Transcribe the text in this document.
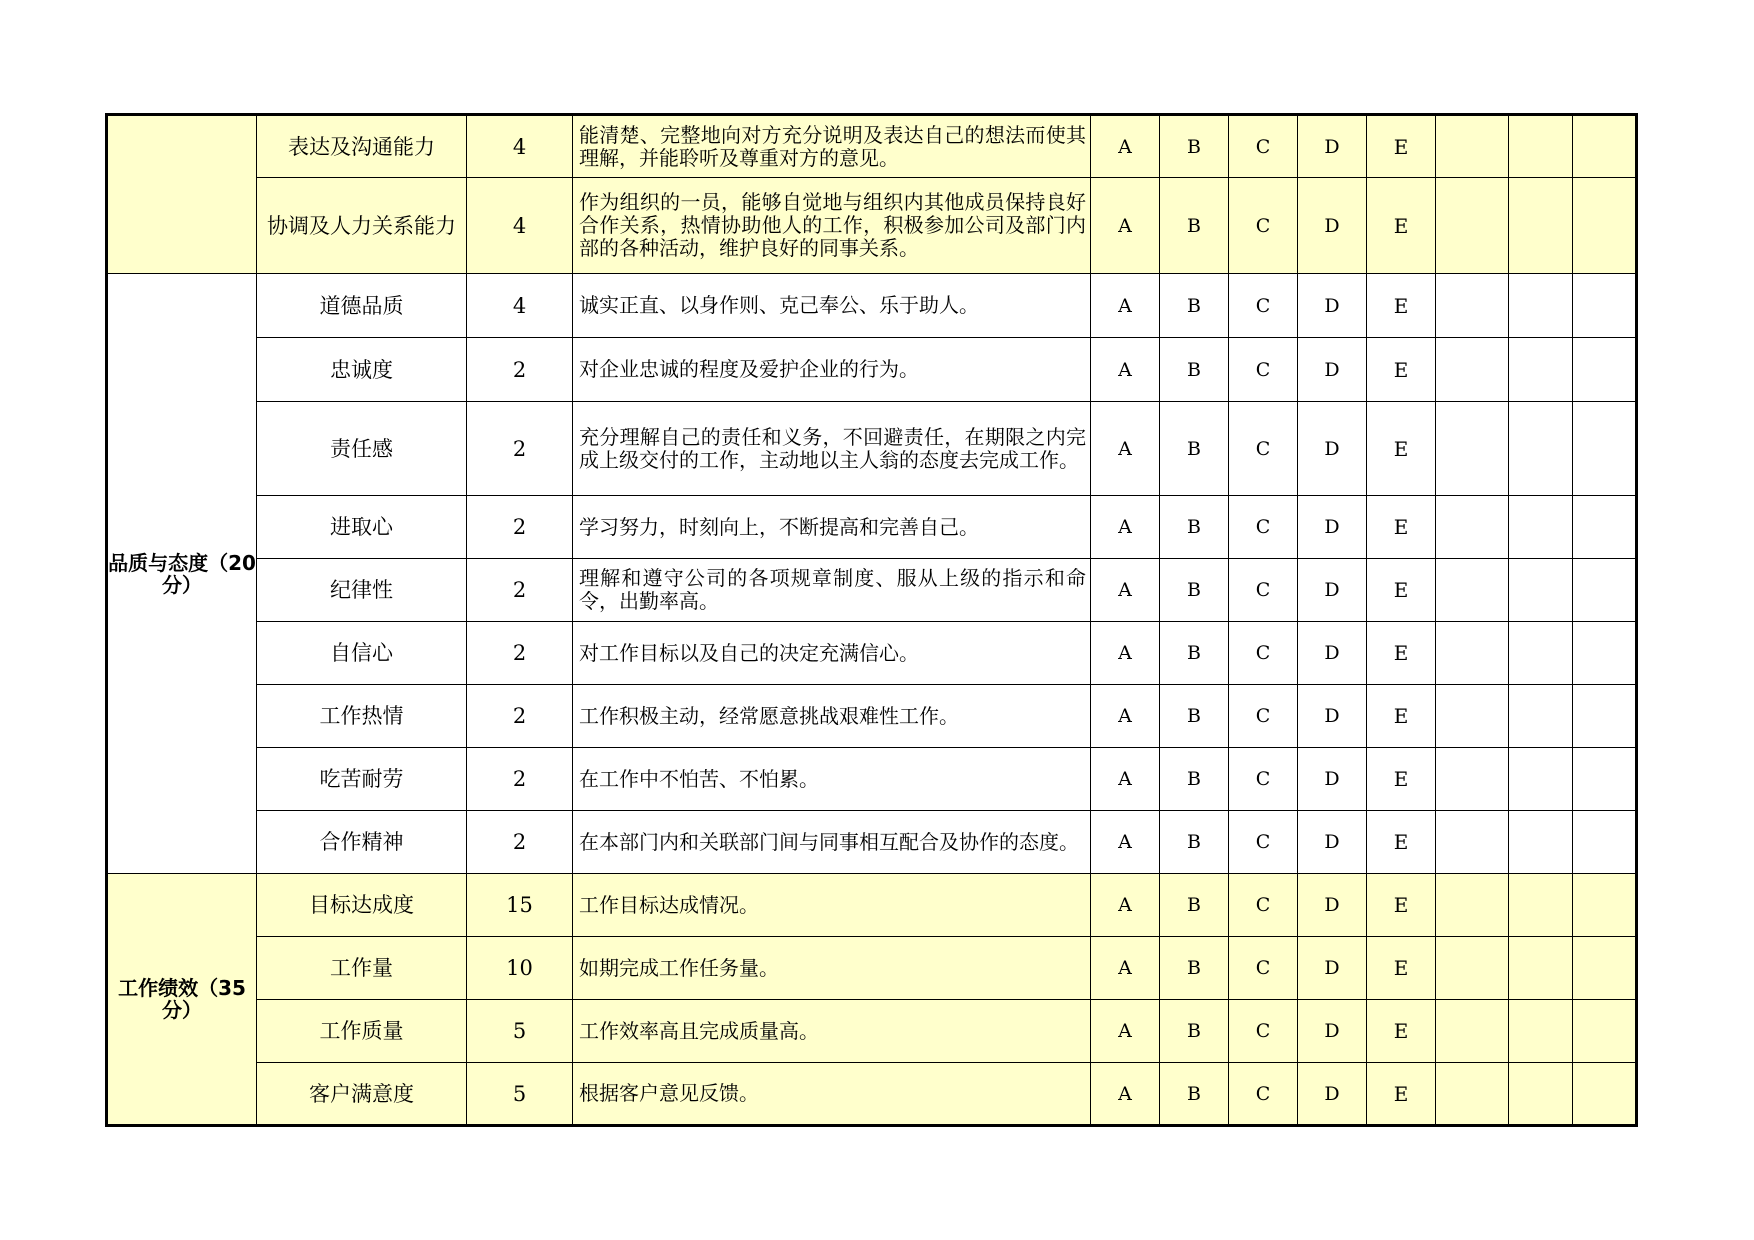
	表达及沟通能力	4	能清楚、完整地向对方充分说明及表达自己的想法而使其理解，并能聆听及尊重对方的意见。	A	B	C	D	E			
	协调及人力关系能力	4	作为组织的一员，能够自觉地与组织内其他成员保持良好合作关系，热情协助他人的工作，积极参加公司及部门内部的各种活动，维护良好的同事关系。	A	B	C	D	E			
品质与态度（20分）	道德品质	4	诚实正直、以身作则、克己奉公、乐于助人。	A	B	C	D	E			
	忠诚度	2	对企业忠诚的程度及爱护企业的行为。	A	B	C	D	E			
	责任感	2	充分理解自己的责任和义务，不回避责任，在期限之内完成上级交付的工作，主动地以主人翁的态度去完成工作。	A	B	C	D	E			
	进取心	2	学习努力，时刻向上，不断提高和完善自己。	A	B	C	D	E			
	纪律性	2	理解和遵守公司的各项规章制度、服从上级的指示和命令，出勤率高。	A	B	C	D	E			
	自信心	2	对工作目标以及自己的决定充满信心。	A	B	C	D	E			
	工作热情	2	工作积极主动，经常愿意挑战艰难性工作。	A	B	C	D	E			
	吃苦耐劳	2	在工作中不怕苦、不怕累。	A	B	C	D	E			
	合作精神	2	在本部门内和关联部门间与同事相互配合及协作的态度。	A	B	C	D	E			
工作绩效（35分）	目标达成度	15	工作目标达成情况。	A	B	C	D	E			
	工作量	10	如期完成工作任务量。	A	B	C	D	E			
	工作质量	5	工作效率高且完成质量高。	A	B	C	D	E			
	客户满意度	5	根据客户意见反馈。	A	B	C	D	E			
